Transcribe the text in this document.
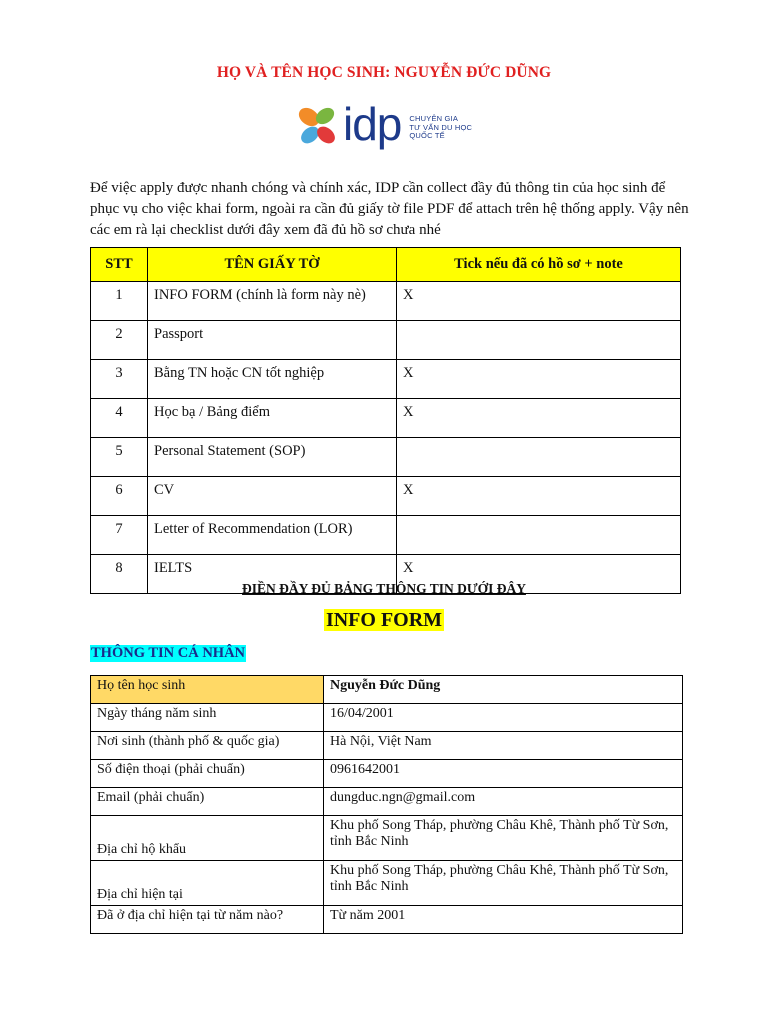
HỌ VÀ TÊN HỌC SINH: NGUYỄN ĐỨC DŨNG
idp CHUYÊN GIA
TƯ VẤN DU HỌC
QUỐC TẾ
Để việc apply được nhanh chóng và chính xác, IDP cần collect đầy đủ thông tin của học sinh để phục vụ cho việc khai form, ngoài ra cần đủ giấy tờ file PDF để attach trên hệ thống apply. Vậy nên các em rà lại checklist dưới đây xem đã đủ hồ sơ chưa nhé
STT	TÊN GIẤY TỜ	Tick nếu đã có hồ sơ + note
1	INFO FORM (chính là form này nè)	X
2	Passport	
3	Bằng TN hoặc CN tốt nghiệp	X
4	Học bạ / Bảng điểm	X
5	Personal Statement (SOP)	
6	CV	X
7	Letter of Recommendation (LOR)	
8	IELTS	X
ĐIỀN ĐẦY ĐỦ BẢNG THÔNG TIN DƯỚI ĐÂY
INFO FORM
THÔNG TIN CÁ NHÂN
Họ tên học sinh	Nguyễn Đức Dũng
Ngày tháng năm sinh	16/04/2001
Nơi sinh (thành phố & quốc gia)	Hà Nội, Việt Nam
Số điện thoại (phải chuẩn)	0961642001
Email (phải chuẩn)	dungduc.ngn@gmail.com
Địa chỉ hộ khẩu	Khu phố Song Tháp, phường Châu Khê, Thành phố Từ Sơn, tỉnh Bắc Ninh
Địa chỉ hiện tại	Khu phố Song Tháp, phường Châu Khê, Thành phố Từ Sơn, tỉnh Bắc Ninh
Đã ở địa chỉ hiện tại từ năm nào?	Từ năm 2001
